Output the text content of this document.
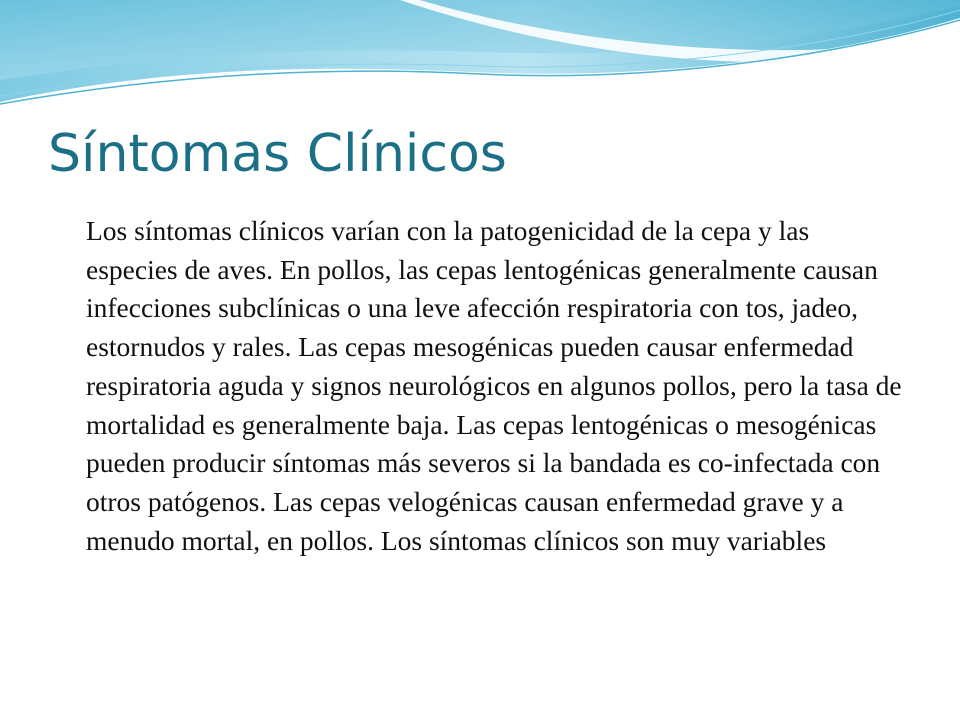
Síntomas Clínicos

Los síntomas clínicos varían con la patogenicidad de la cepa y las especies de aves. En pollos, las cepas lentogénicas generalmente causan infecciones subclínicas o una leve afección respiratoria con tos, jadeo, estornudos y rales. Las cepas mesogénicas pueden causar enfermedad respiratoria aguda y signos neurológicos en algunos pollos, pero la tasa de mortalidad es generalmente baja. Las cepas lentogénicas o mesogénicas pueden producir síntomas más severos si la bandada es co-infectada con otros patógenos. Las cepas velogénicas causan enfermedad grave y a menudo mortal, en pollos. Los síntomas clínicos son muy variables
